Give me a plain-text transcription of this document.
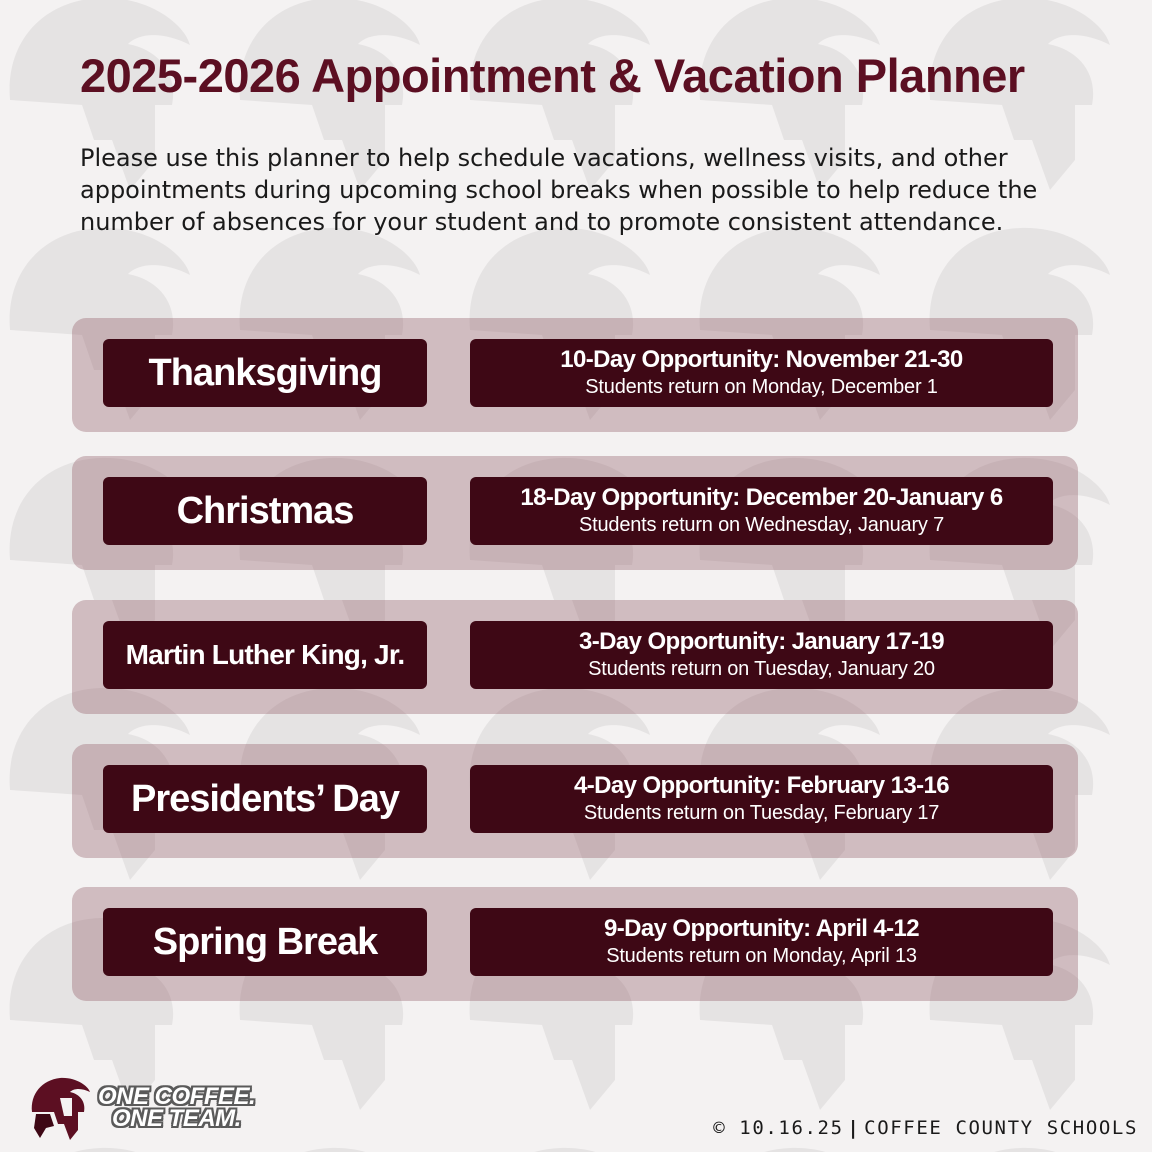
2025-2026 Appointment & Vacation Planner

Please use this planner to help schedule vacations, wellness visits, and other appointments during upcoming school breaks when possible to help reduce the number of absences for your student and to promote consistent attendance.

Thanksgiving	10-Day Opportunity: November 21-30
Students return on Monday, December 1
Christmas	18-Day Opportunity: December 20-January 6
Students return on Wednesday, January 7
Martin Luther King, Jr.	3-Day Opportunity: January 17-19
Students return on Tuesday, January 20
Presidents’ Day	4-Day Opportunity: February 13-16
Students return on Tuesday, February 17
Spring Break	9-Day Opportunity: April 4-12
Students return on Monday, April 13
ONE COFFEE.
ONE TEAM.	© 10.16.25 | COFFEE COUNTY SCHOOLS
